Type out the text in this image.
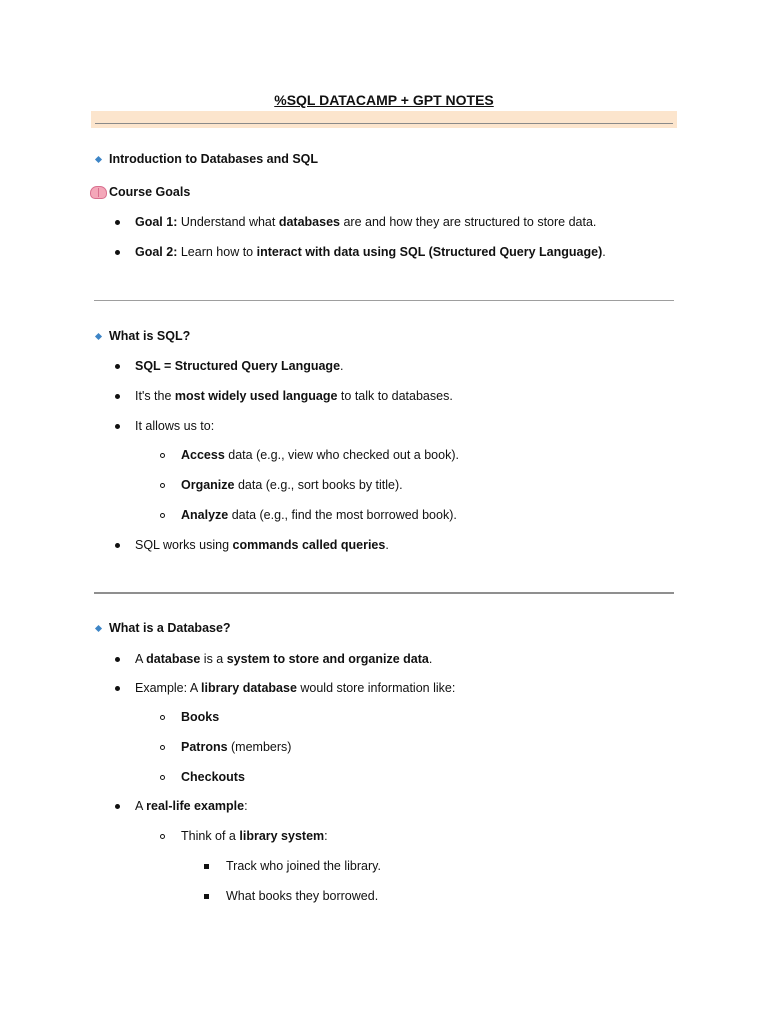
%SQL DATACAMP + GPT NOTES
Introduction to Databases and SQL
Course Goals
Goal 1: Understand what databases are and how they are structured to store data.
Goal 2: Learn how to interact with data using SQL (Structured Query Language).
What is SQL?
SQL = Structured Query Language.
It's the most widely used language to talk to databases.
It allows us to:
Access data (e.g., view who checked out a book).
Organize data (e.g., sort books by title).
Analyze data (e.g., find the most borrowed book).
SQL works using commands called queries.
What is a Database?
A database is a system to store and organize data.
Example: A library database would store information like:
Books
Patrons (members)
Checkouts
A real-life example:
Think of a library system:
Track who joined the library.
What books they borrowed.
